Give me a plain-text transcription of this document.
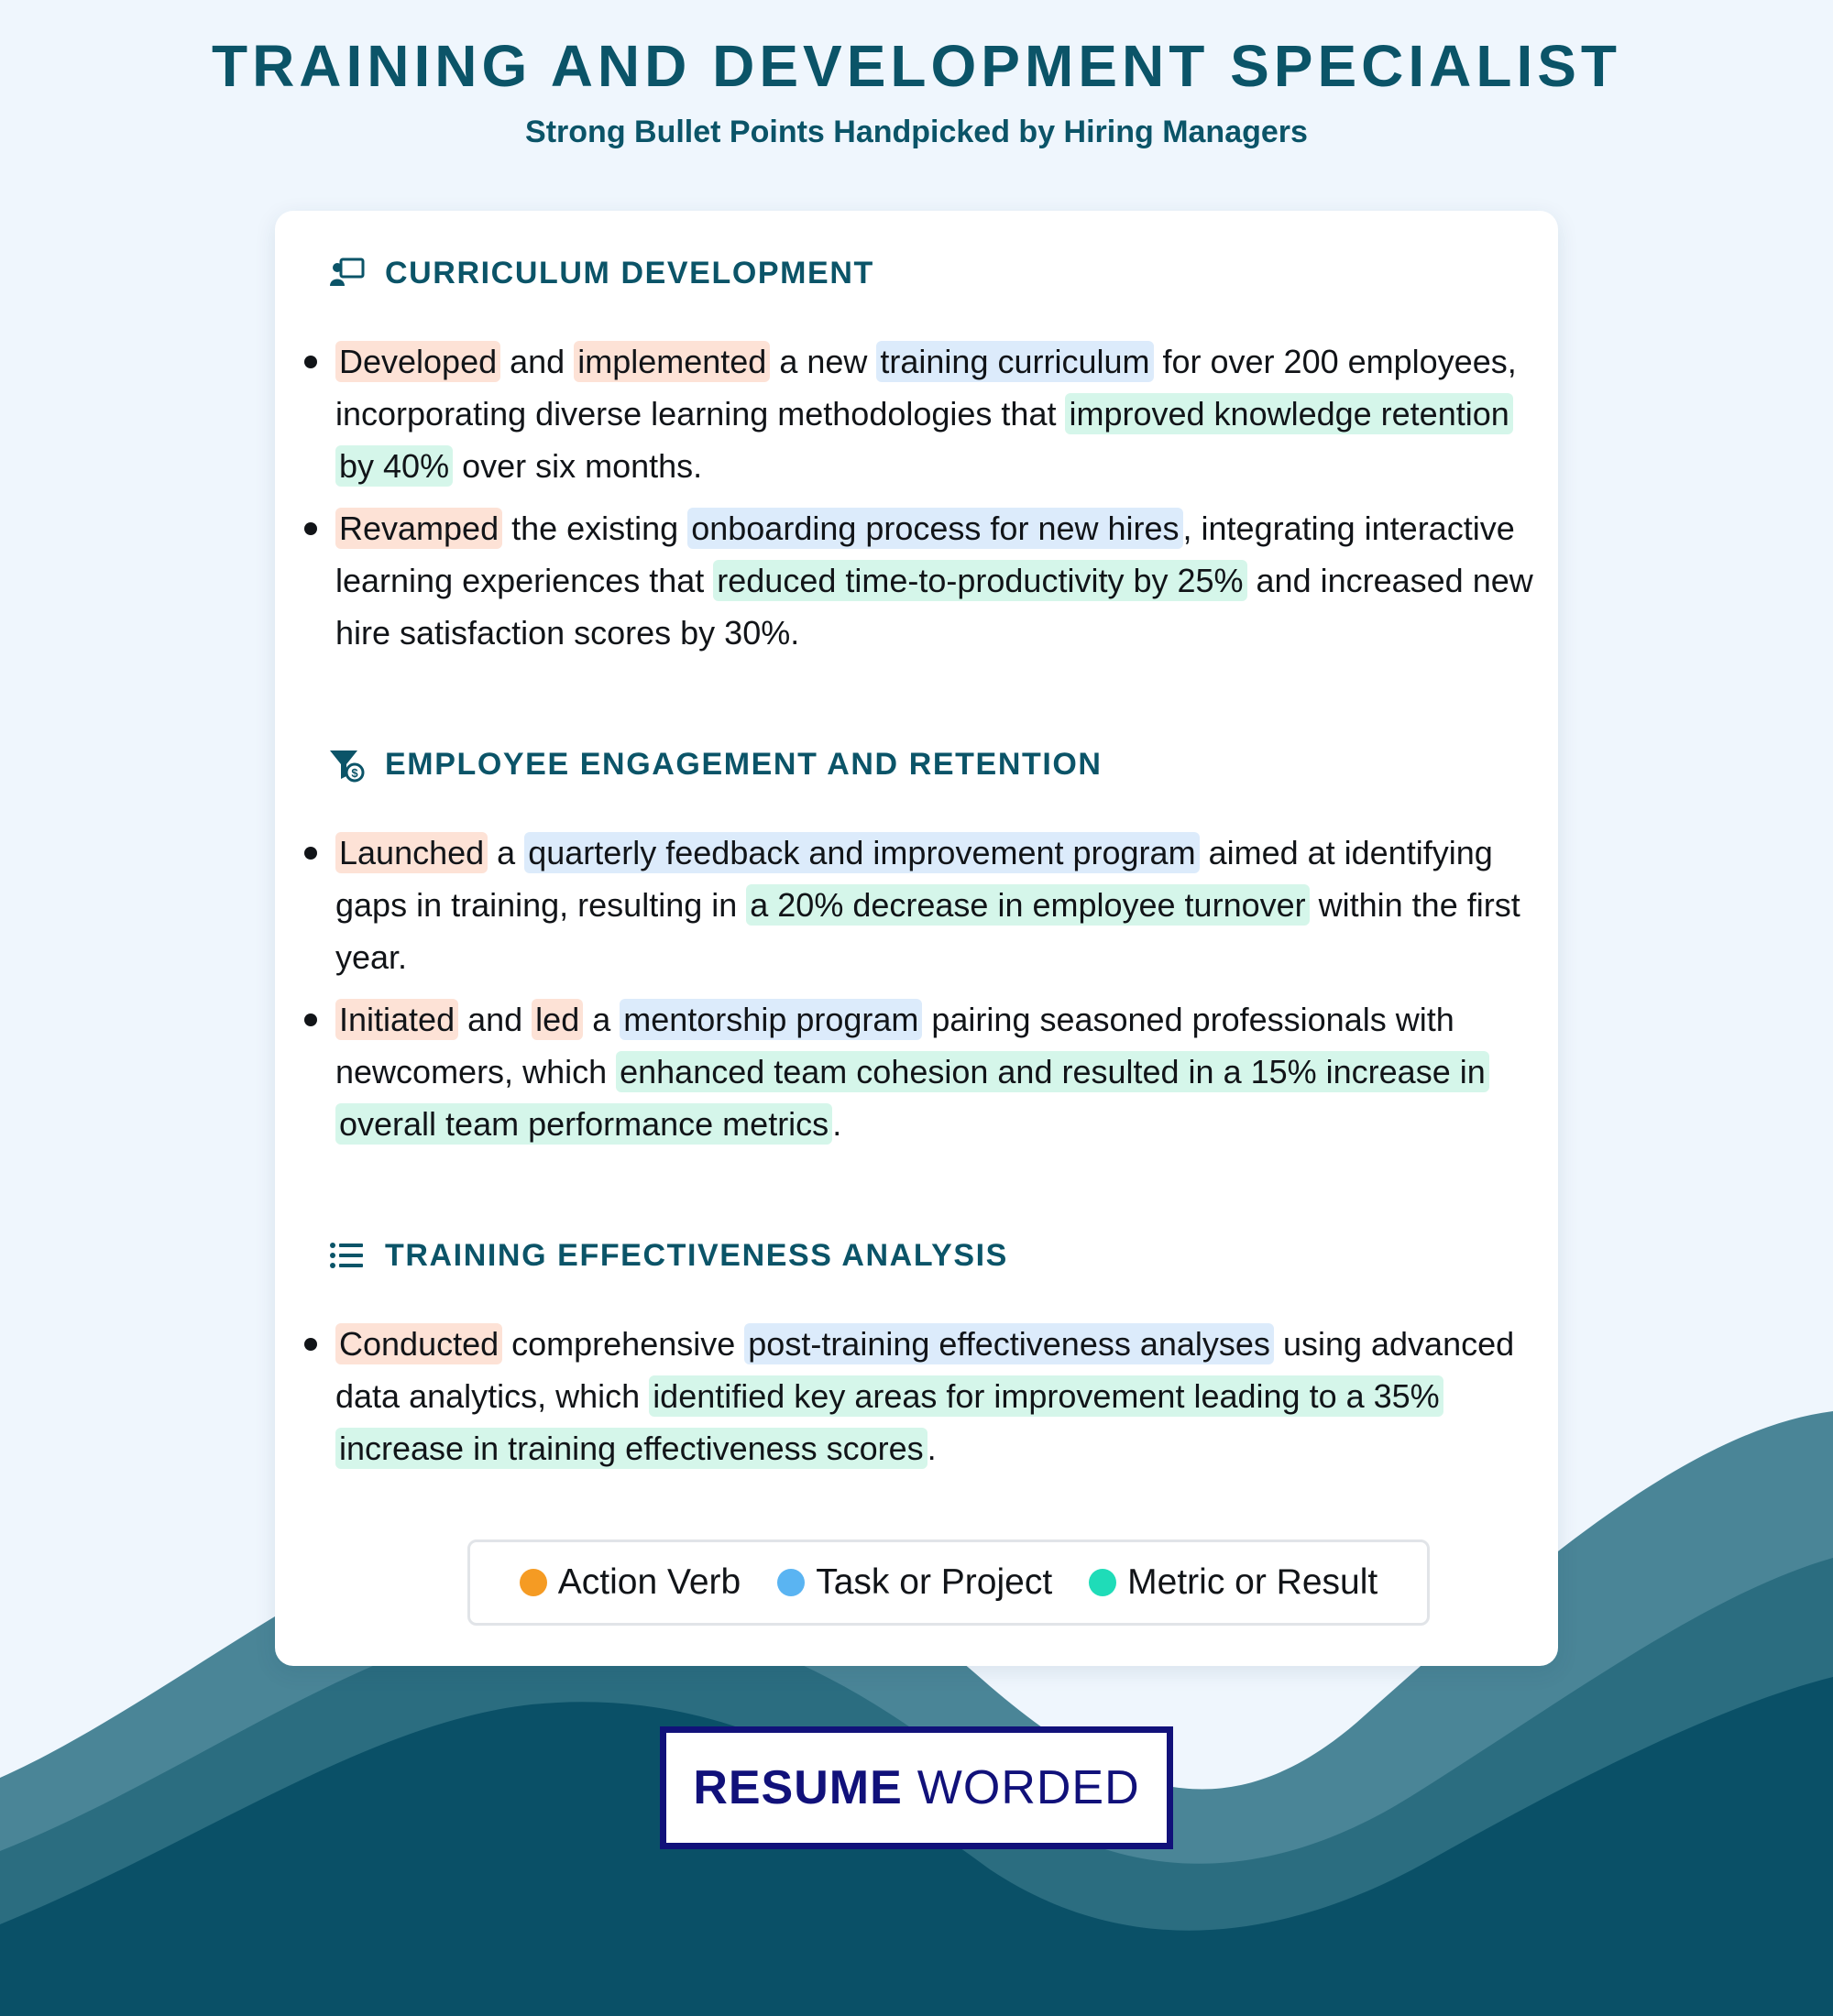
TRAINING AND DEVELOPMENT SPECIALIST

Strong Bullet Points Handpicked by Hiring Managers

CURRICULUM DEVELOPMENT
Developed and implemented a new training curriculum for over 200 employees, incorporating diverse learning methodologies that improved knowledge retention by 40% over six months.
Revamped the existing onboarding process for new hires , integrating interactive learning experiences that reduced time-to-productivity by 25% and increased new hire satisfaction scores by 30%.
$ EMPLOYEE ENGAGEMENT AND RETENTION
Launched a quarterly feedback and improvement program aimed at identifying gaps in training, resulting in a 20% decrease in employee turnover within the first year.
Initiated and led a mentorship program pairing seasoned professionals with newcomers, which enhanced team cohesion and resulted in a 15% increase in overall team performance metrics .
TRAINING EFFECTIVENESS ANALYSIS
Conducted comprehensive post-training effectiveness analyses using advanced data analytics, which identified key areas for improvement leading to a 35% increase in training effectiveness scores .
Action Verb Task or Project Metric or Result
RESUME WORDED
